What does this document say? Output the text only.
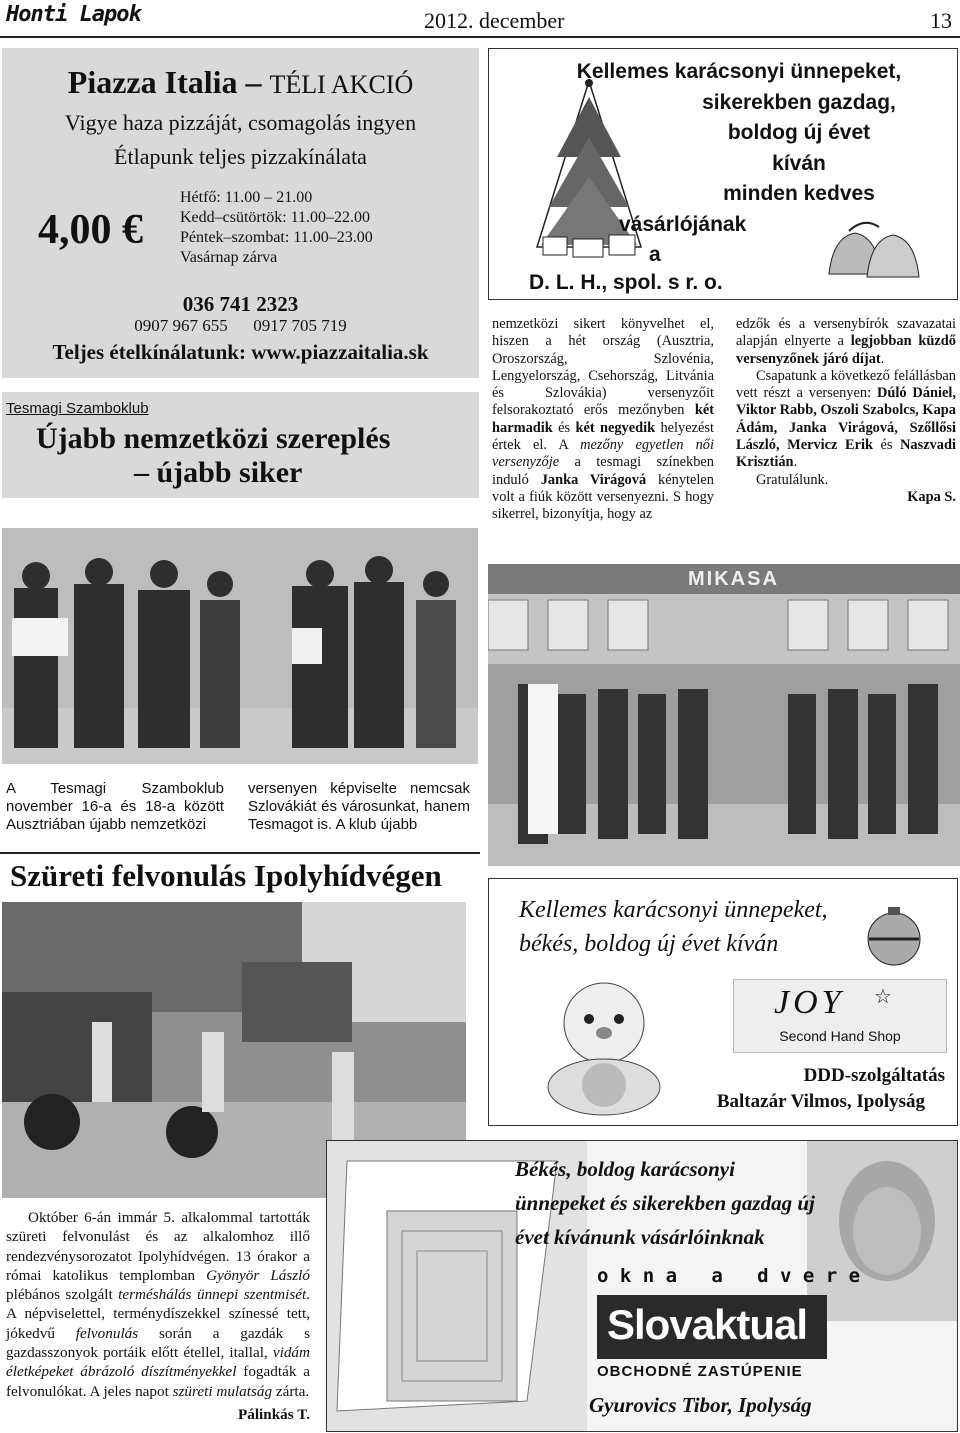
Honti Lapok	2012. december	13
Piazza Italia – TÉLI AKCIÓ
Vigye haza pizzáját, csomagolás ingyen
Étlapunk teljes pizzakínálata
4,00 €
Hétfő: 11.00 – 21.00
Kedd–csütörtök: 11.00–22.00
Péntek–szombat: 11.00–23.00
Vasárnap zárva
036 741 2323
0907 967 655      0917 705 719
Teljes ételkínálatunk: www.piazzaitalia.sk
Tesmagi Szamboklub
Újabb nemzetközi szereplés
– újabb siker
Kellemes karácsonyi ünnepeket,
sikerekben gazdag,
boldog új évet
kíván
minden kedves
vásárlójának
a
D. L. H., spol. s r. o.
nemzetközi sikert könyvelhet el, hiszen a hét ország (Ausztria, Oroszország, Szlovénia, Lengyelország, Csehország, Litvánia és Szlovákia) versenyzőit felsorakoztató erős mezőnyben két harmadik és két negyedik helyezést értek el. A mezőny egyetlen női versenyzője a tesmagi színekben induló Janka Virágová kénytelen volt a fiúk között versenyezni. S hogy sikerrel, bizonyítja, hogy az

edzők és a versenybírók szavazatai alapján elnyerte a legjobban küzdő versenyzőnek járó díjat.

Csapatunk a következő felállásban vett részt a versenyen: Dúló Dániel, Viktor Rabb, Oszoli Szabolcs, Kapa Ádám, Janka Virágová, Szőllősi László, Mervicz Erik és Naszvadi Krisztián.

Gratulálunk.

Kapa S.

MIKASA
A Tesmagi Szamboklub november 16-a és 18-a között Ausztriában újabb nemzetközi
versenyen képviselte nemcsak Szlovákiát és városunkat, hanem Tesmagot is. A klub újabb
Szüreti felvonulás Ipolyhídvégen

Október 6-án immár 5. alkalommal tartották szüreti felvonulást és az alkalomhoz illő rendezvénysorozatot Ipolyhídvégen. 13 órakor a római katolikus templomban Gyönyör László plébános szolgált terméshálás ünnepi szentmisét. A népviselettel, terménydíszekkel színessé tett, jókedvű felvonulás során a gazdák s gazdasszonyok portáik előtt étellel, itallal, vidám életképeket ábrázoló díszítményekkel fogadták a felvonulókat. A jeles napot szüreti mulatság zárta.

Pálinkás T.

Kellemes karácsonyi ünnepeket,
békés, boldog új évet kíván
JOY ☆
Second Hand Shop
DDD-szolgáltatás
Baltazár Vilmos, Ipolyság
Békés, boldog karácsonyi
ünnepeket és sikerekben gazdag új
évet kívánunk vásárlóinknak
o k n a   a   d v e r e
Slovaktual
OBCHODNÉ ZASTÚPENIE
Gyurovics Tibor, Ipolyság
